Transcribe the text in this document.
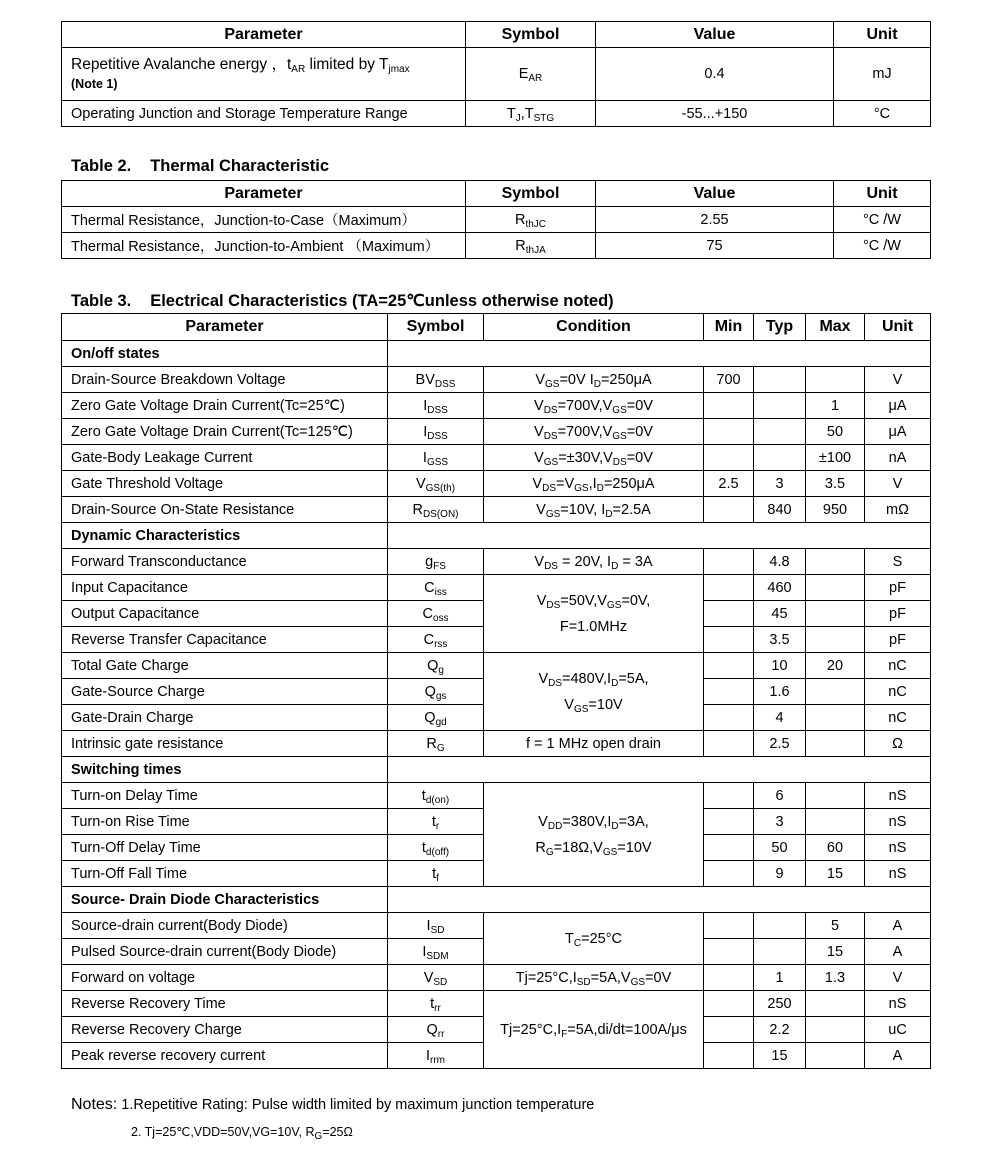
Parameter	Symbol	Value	Unit
Repetitive Avalanche energy ，$t_{AR}$ limited by $T_{jmax}$
(Note 1)	$E_{AR}$	0.4	mJ
Operating Junction and Storage Temperature Range	$T_J,T_{STG}$	-55...+150	°C
Table 2. Thermal Characteristic
Parameter	Symbol	Value	Unit
Thermal Resistance，Junction-to-Case（Maximum）	$R_{thJC}$	2.55	°C /W
Thermal Resistance，Junction-to-Ambient （Maximum）	$R_{thJA}$	75	°C /W
Table 3. Electrical Characteristics (TA=25℃unless otherwise noted)
Parameter	Symbol	Condition	Min	Typ	Max	Unit
On/off states						
Drain-Source Breakdown Voltage	$BV_{DSS}$	$V_{GS}=0V$ $I_D=250\mu A$	700			V
Zero Gate Voltage Drain Current(Tc=25℃)	$I_{DSS}$	$V_{DS}=700V,V_{GS}=0V$			1	μA
Zero Gate Voltage Drain Current(Tc=125℃)	$I_{DSS}$	$V_{DS}=700V,V_{GS}=0V$			50	μA
Gate-Body Leakage Current	$I_{GSS}$	$V_{GS}=\pm 30V,V_{DS}=0V$			±100	nA
Gate Threshold Voltage	$V_{GS(th)}$	$V_{DS}=V_{GS},I_D=250\mu A$	2.5	3	3.5	V
Drain-Source On-State Resistance	$R_{DS(ON)}$	$V_{GS}=10V$, $I_D=2.5A$		840	950	mΩ
Dynamic Characteristics						
Forward Transconductance	$g_{FS}$	$V_{DS} = 20V$, $I_D = 3A$		4.8		S
Input Capacitance	$C_{iss}$	$V_{DS}=50V,V_{GS}=0V$,
F=1.0MHz		460		pF
Output Capacitance	$C_{oss}$			45		pF
Reverse Transfer Capacitance	$C_{rss}$			3.5		pF
Total Gate Charge	$Q_g$	$V_{DS}=480V,I_D=5A$,
$V_{GS}=10V$		10	20	nC
Gate-Source Charge	$Q_{gs}$			1.6		nC
Gate-Drain Charge	$Q_{gd}$			4		nC
Intrinsic gate resistance	$R_G$	f = 1 MHz open drain		2.5		Ω
Switching times						
Turn-on Delay Time	$t_{d(on)}$	$V_{DD}=380V,I_D=3A$,
$R_G=18\Omega,V_{GS}=10V$		6		nS
Turn-on Rise Time	$t_r$			3		nS
Turn-Off Delay Time	$t_{d(off)}$			50	60	nS
Turn-Off Fall Time	$t_f$			9	15	nS
Source- Drain Diode Characteristics						
Source-drain current(Body Diode)	$I_{SD}$	$T_C=25^\circ C$			5	A
Pulsed Source-drain current(Body Diode)	$I_{SDM}$				15	A
Forward on voltage	$V_{SD}$	$Tj=25^\circ C,I_{SD}=5A,V_{GS}=0V$		1	1.3	V
Reverse Recovery Time	$t_{rr}$	$Tj=25^\circ C,I_F=5A,di/dt=100A/\mu s$		250		nS
Reverse Recovery Charge	$Q_{rr}$			2.2		uC
Peak reverse recovery current	$I_{rrm}$			15		A
Notes: 1.Repetitive Rating: Pulse width limited by maximum junction temperature
2. Tj=25℃,VDD=50V,VG=10V, $R_G=25\Omega$
